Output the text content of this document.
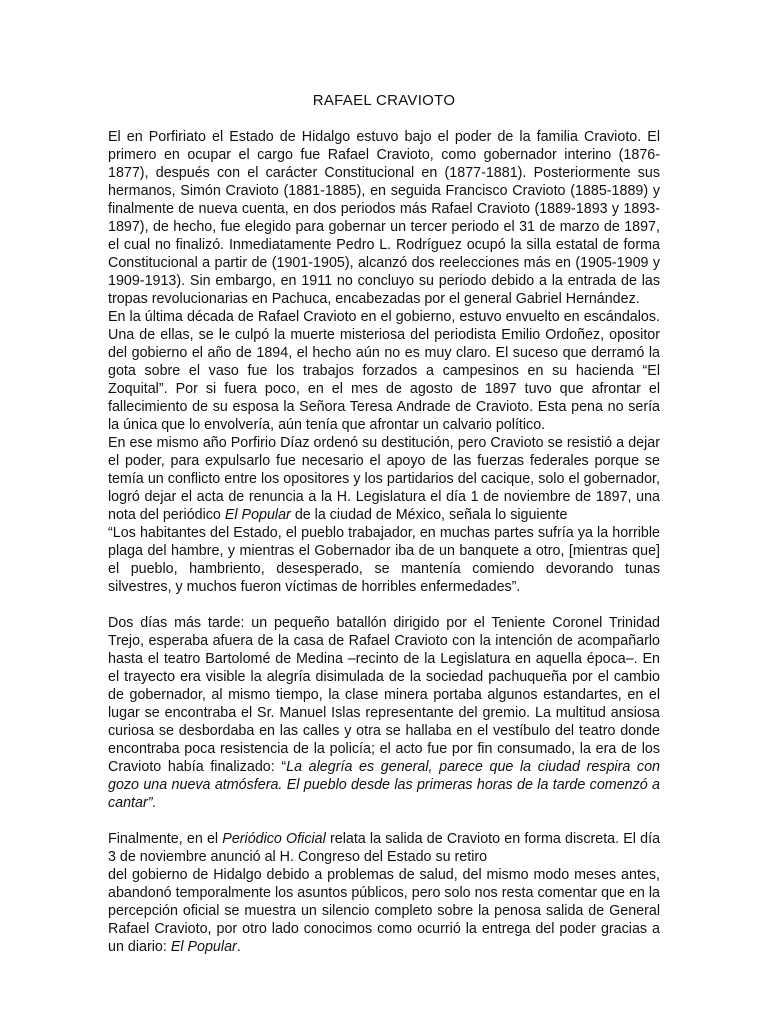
RAFAEL CRAVIOTO

El en Porfiriato el Estado de Hidalgo estuvo bajo el poder de la familia Cravioto. El primero en ocupar el cargo fue Rafael Cravioto, como gobernador interino (1876-1877), después con el carácter Constitucional en (1877-1881). Posteriormente sus hermanos, Simón Cravioto (1881-1885), en seguida Francisco Cravioto (1885-1889) y finalmente de nueva cuenta, en dos periodos más Rafael Cravioto (1889-1893 y 1893-1897), de hecho, fue elegido para gobernar un tercer periodo el 31 de marzo de 1897, el cual no finalizó. Inmediatamente Pedro L. Rodríguez ocupó la silla estatal de forma Constitucional a partir de (1901-1905), alcanzó dos reelecciones más en (1905-1909 y 1909-1913). Sin embargo, en 1911 no concluyo su periodo debido a la entrada de las tropas revolucionarias en Pachuca, encabezadas por el general Gabriel Hernández.

En la última década de Rafael Cravioto en el gobierno, estuvo envuelto en escándalos. Una de ellas, se le culpó la muerte misteriosa del periodista Emilio Ordoñez, opositor del gobierno el año de 1894, el hecho aún no es muy claro. El suceso que derramó la gota sobre el vaso fue los trabajos forzados a campesinos en su hacienda “El Zoquital”. Por si fuera poco, en el mes de agosto de 1897 tuvo que afrontar el fallecimiento de su esposa la Señora Teresa Andrade de Cravioto. Esta pena no sería la única que lo envolvería, aún tenía que afrontar un calvario político.

En ese mismo año Porfirio Díaz ordenó su destitución, pero Cravioto se resistió a dejar el poder, para expulsarlo fue necesario el apoyo de las fuerzas federales porque se temía un conflicto entre los opositores y los partidarios del cacique, solo el gobernador, logró dejar el acta de renuncia a la H. Legislatura el día 1 de noviembre de 1897, una nota del periódico El Popular de la ciudad de México, señala lo siguiente

“Los habitantes del Estado, el pueblo trabajador, en muchas partes sufría ya la horrible plaga del hambre, y mientras el Gobernador iba de un banquete a otro, [mientras que] el pueblo, hambriento, desesperado, se mantenía comiendo devorando tunas silvestres, y muchos fueron víctimas de horribles enfermedades”.

Dos días más tarde: un pequeño batallón dirigido por el Teniente Coronel Trinidad Trejo, esperaba afuera de la casa de Rafael Cravioto con la intención de acompañarlo hasta el teatro Bartolomé de Medina –recinto de la Legislatura en aquella época–. En el trayecto era visible la alegría disimulada de la sociedad pachuqueña por el cambio de gobernador, al mismo tiempo, la clase minera portaba algunos estandartes, en el lugar se encontraba el Sr. Manuel Islas representante del gremio. La multitud ansiosa curiosa se desbordaba en las calles y otra se hallaba en el vestíbulo del teatro donde encontraba poca resistencia de la policía; el acto fue por fin consumado, la era de los Cravioto había finalizado: “La alegría es general, parece que la ciudad respira con gozo una nueva atmósfera. El pueblo desde las primeras horas de la tarde comenzó a cantar”.

Finalmente, en el Periódico Oficial relata la salida de Cravioto en forma discreta. El día 3 de noviembre anunció al H. Congreso del Estado su retiro

del gobierno de Hidalgo debido a problemas de salud, del mismo modo meses antes, abandonó temporalmente los asuntos públicos, pero solo nos resta comentar que en la percepción oficial se muestra un silencio completo sobre la penosa salida de General Rafael Cravioto, por otro lado conocimos como ocurrió la entrega del poder gracias a un diario: El Popular.
